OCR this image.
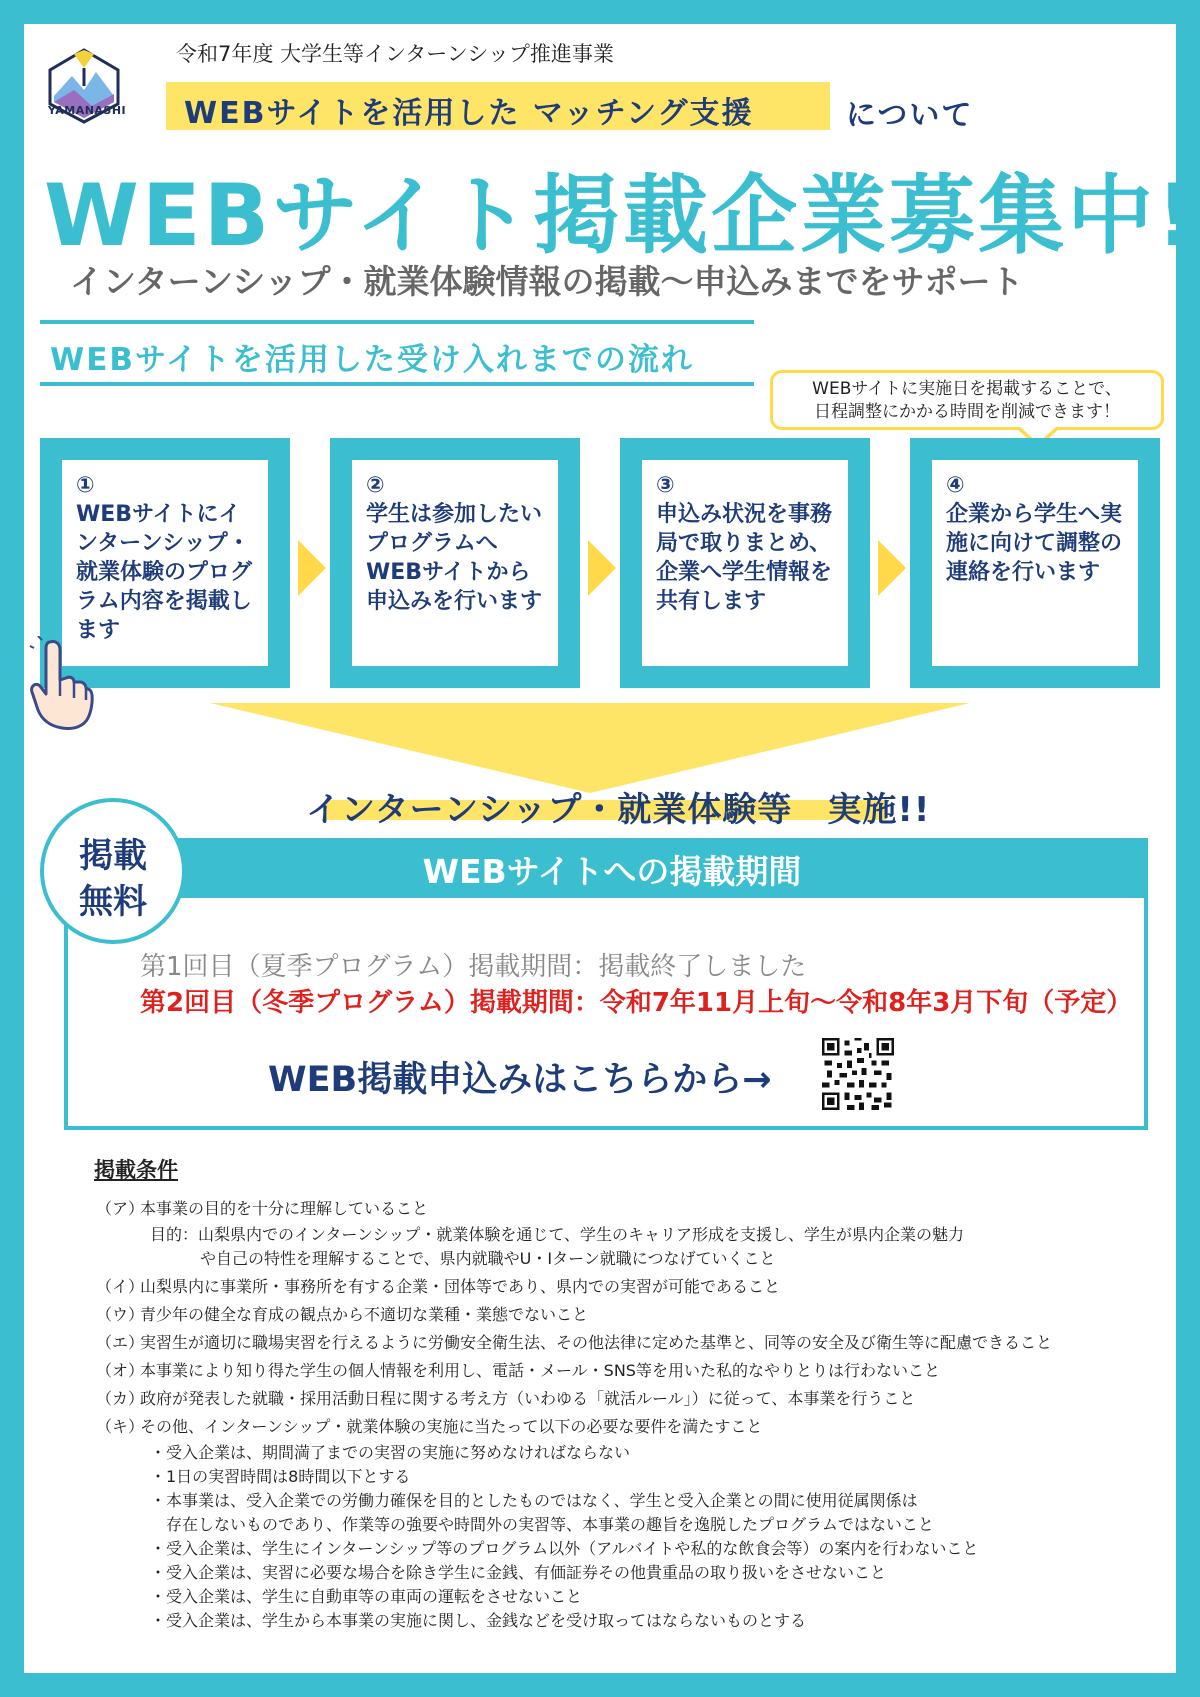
YAMANASHI
令和7年度 大学生等インターンシップ推進事業
WEBサイトを活用した マッチング支援	について
WEBサイト掲載企業募集中!
インターンシップ・就業体験情報の掲載～申込みまでをサポート
WEBサイトを活用した受け入れまでの流れ
WEBサイトに実施日を掲載することで、
日程調整にかかる時間を削減できます！
①
WEBサイトにインターンシップ・就業体験のプログラム内容を掲載します
②
学生は参加したいプログラムへWEBサイトから申込みを行います
③
申込み状況を事務局で取りまとめ、企業へ学生情報を共有します
④
企業から学生へ実施に向けて調整の連絡を行います
インターンシップ・就業体験等　実施!!
WEBサイトへの掲載期間
掲載
無料
第1回目（夏季プログラム）掲載期間：掲載終了しました
第2回目（冬季プログラム）掲載期間：令和7年11月上旬～令和8年3月下旬（予定）
WEB掲載申込みはこちらから→
掲載条件
（ア）本事業の目的を十分に理解していること
目的：山梨県内でのインターンシップ・就業体験を通じて、学生のキャリア形成を支援し、学生が県内企業の魅力
や自己の特性を理解することで、県内就職やU・Iターン就職につなげていくこと
（イ）山梨県内に事業所・事務所を有する企業・団体等であり、県内での実習が可能であること
（ウ）青少年の健全な育成の観点から不適切な業種・業態でないこと
（エ）実習生が適切に職場実習を行えるように労働安全衛生法、その他法律に定めた基準と、同等の安全及び衛生等に配慮できること
（オ）本事業により知り得た学生の個人情報を利用し、電話・メール・SNS等を用いた私的なやりとりは行わないこと
（カ）政府が発表した就職・採用活動日程に関する考え方（いわゆる「就活ルール」）に従って、本事業を行うこと
（キ）その他、インターンシップ・就業体験の実施に当たって以下の必要な要件を満たすこと
・受入企業は、期間満了までの実習の実施に努めなければならない
・1日の実習時間は8時間以下とする
・本事業は、受入企業での労働力確保を目的としたものではなく、学生と受入企業との間に使用従属関係は
　存在しないものであり、作業等の強要や時間外の実習等、本事業の趣旨を逸脱したプログラムではないこと
・受入企業は、学生にインターンシップ等のプログラム以外（アルバイトや私的な飲食会等）の案内を行わないこと
・受入企業は、実習に必要な場合を除き学生に金銭、有価証券その他貴重品の取り扱いをさせないこと
・受入企業は、学生に自動車等の車両の運転をさせないこと
・受入企業は、学生から本事業の実施に関し、金銭などを受け取ってはならないものとする
